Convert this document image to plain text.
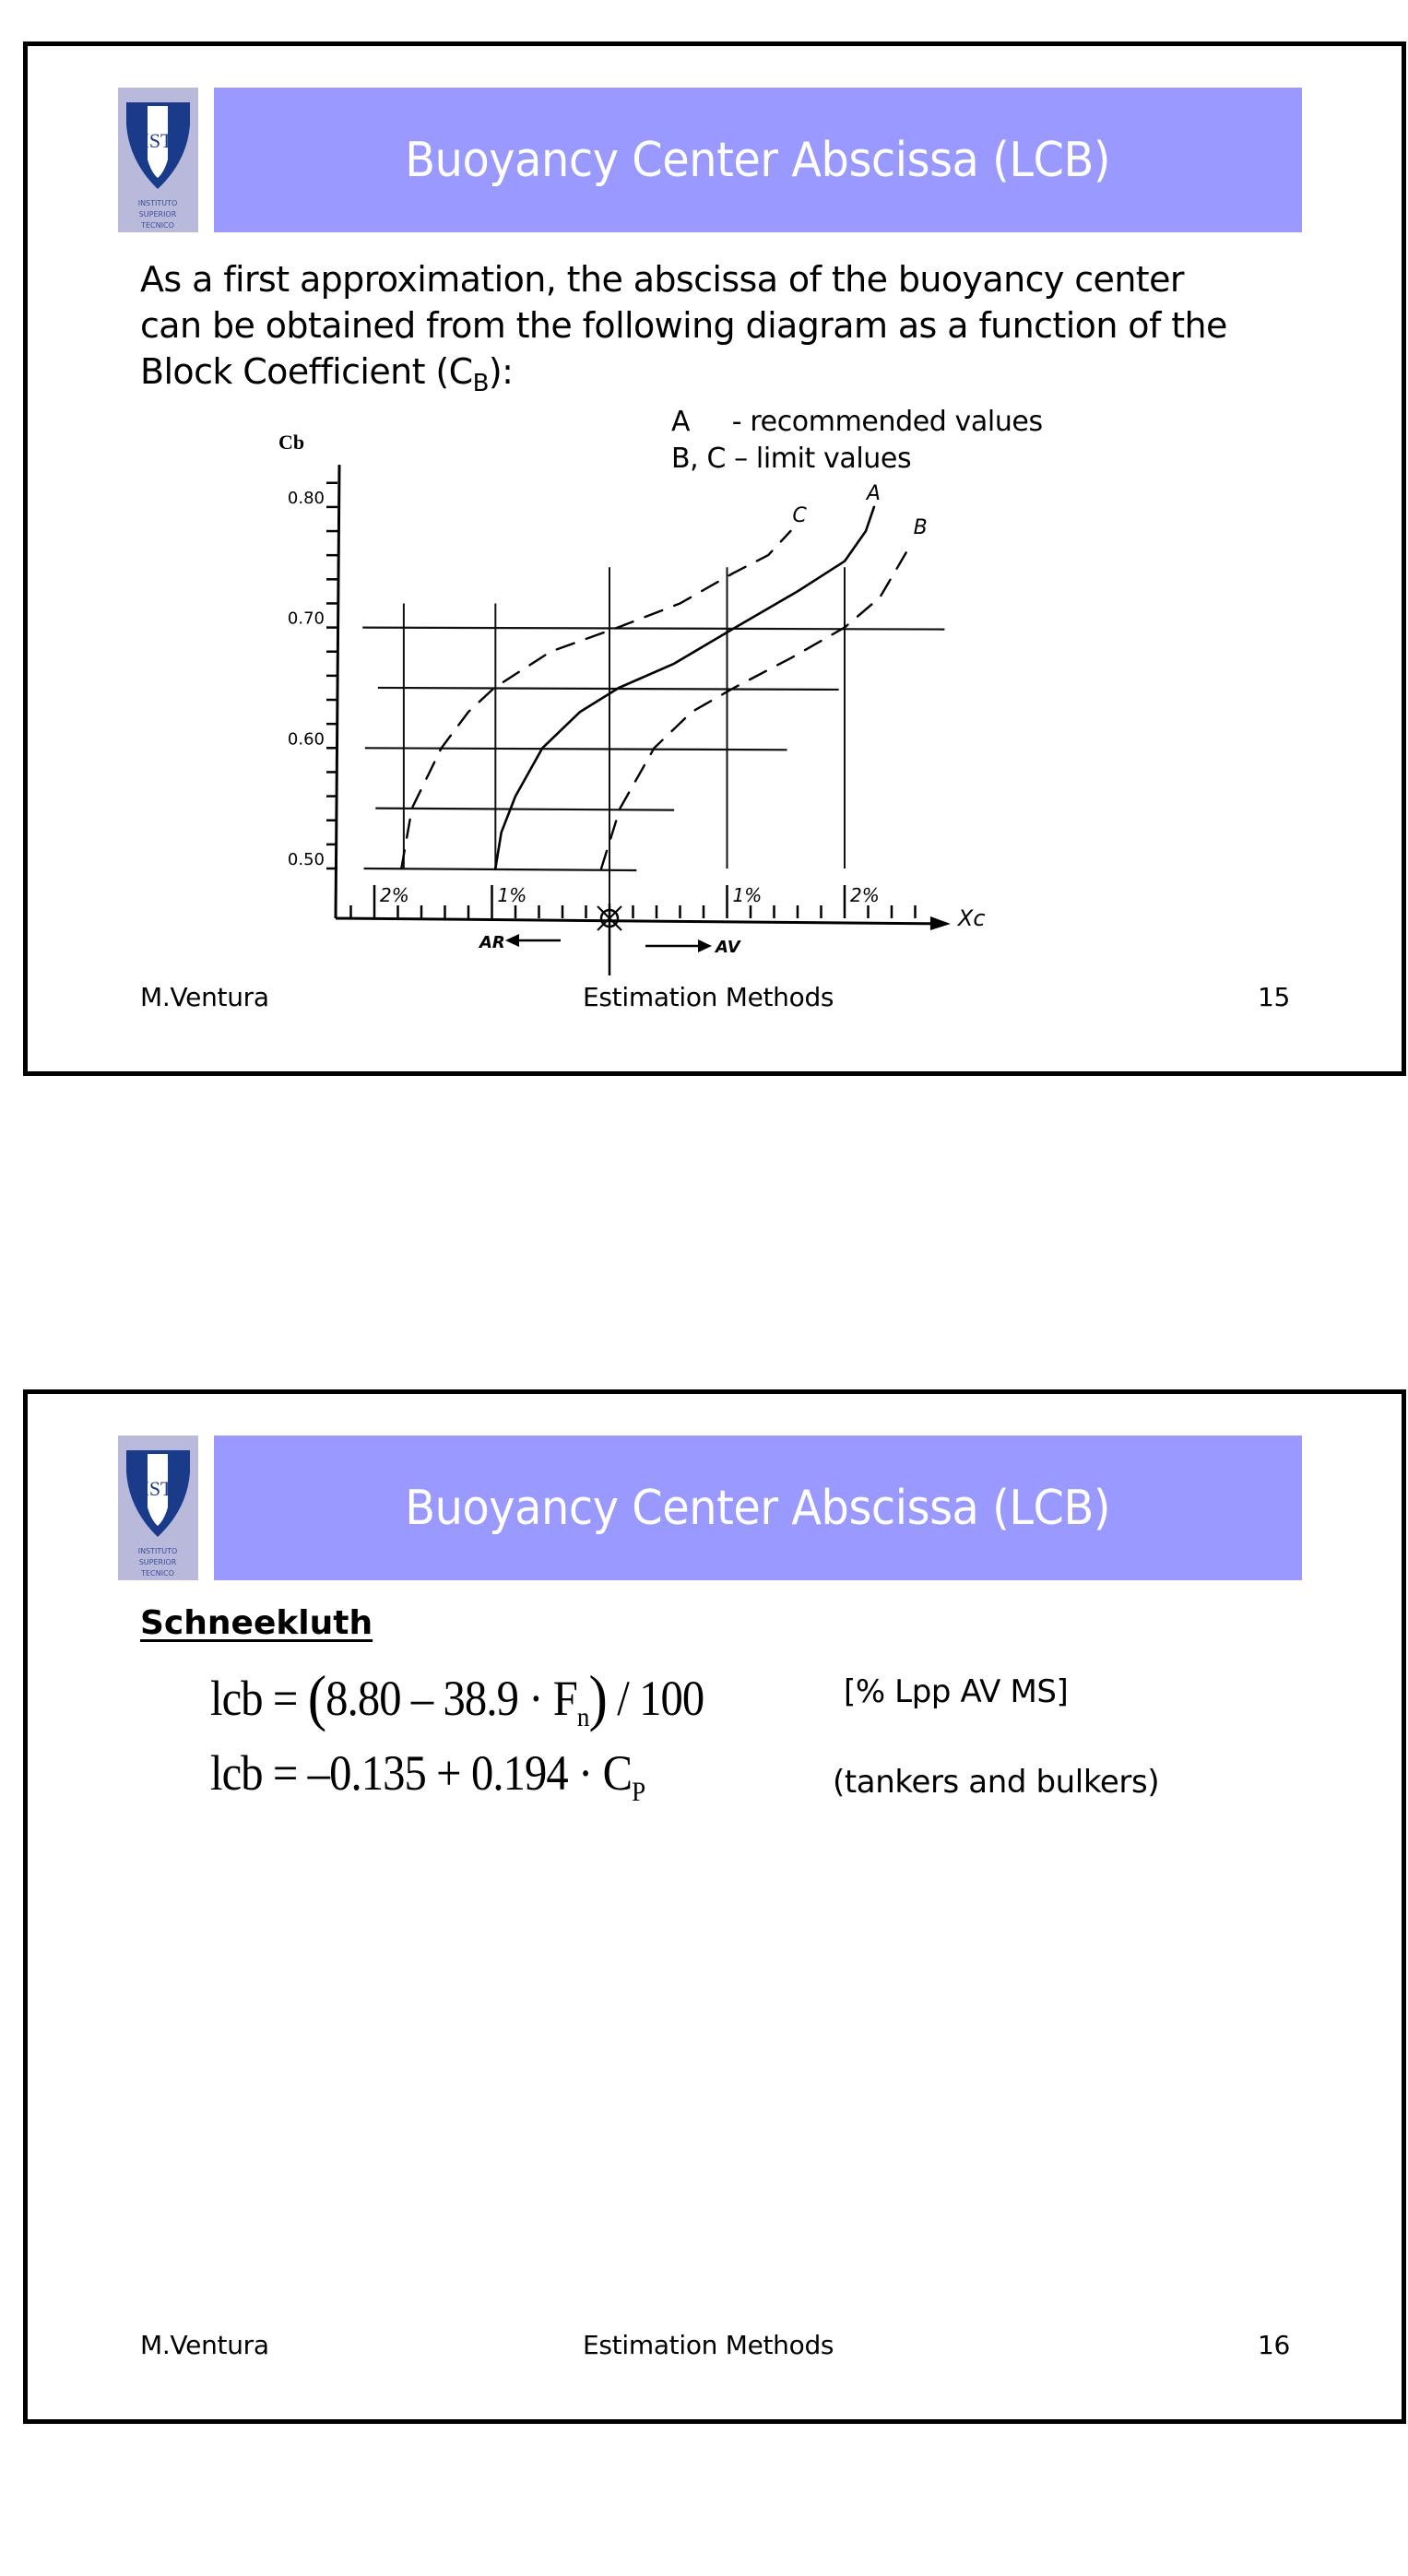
IST
INSTITUTO
SUPERIOR
TECNICO
Buoyancy Center Abscissa (LCB)
As a first approximation, the abscissa of the buoyancy center
can be obtained from the following diagram as a function of the
Block Coefficient $(C_B)$:
A
B
C
Cb
0.50
0.60
0.70
0.80
2%	1%	1%	2%
Xc
AR	AV
A     - recommended values
B, C – limit values
M.Ventura	Estimation Methods	15
IST
INSTITUTO
SUPERIOR
TECNICO
Buoyancy Center Abscissa (LCB)
Schneekluth
lcb = $(8.80 - 38.9 \cdot F_n) / 100$
lcb = $-0.135 + 0.194 \cdot C_P$
[% Lpp AV MS]
(tankers and bulkers)
M.Ventura	Estimation Methods	16
